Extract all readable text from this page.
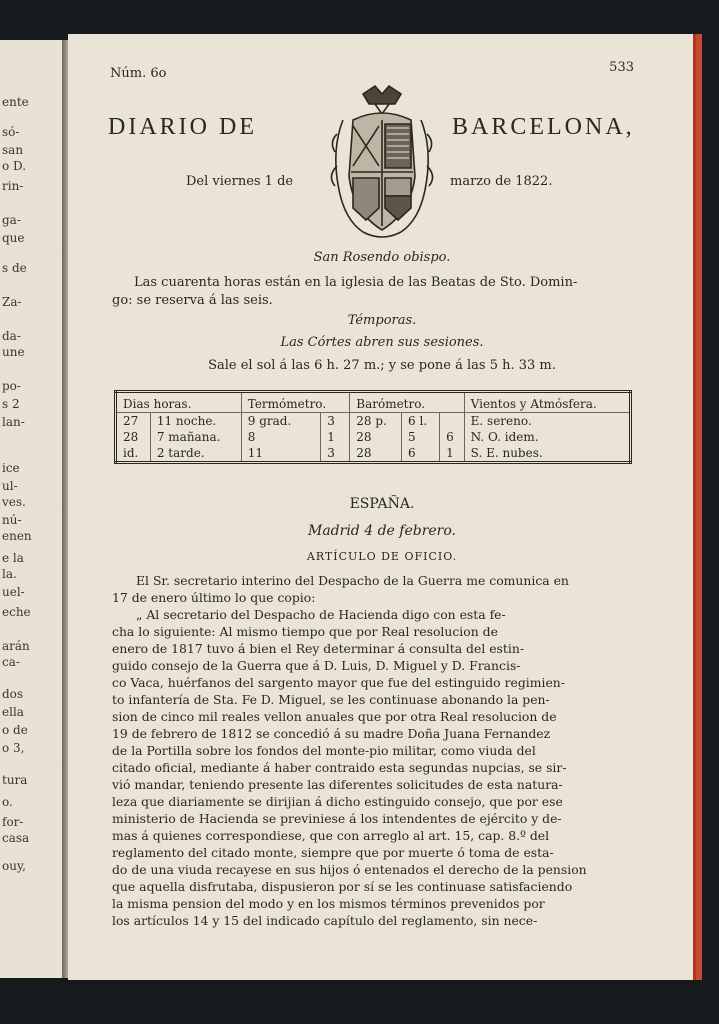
ente
só-
san
o D.
rin-
ga-
que
s de
Za-
da-
une
po-
s 2
lan-
ice
ul-
ves.
nú-
enen
e la
la.
uel-
eche
arán
ca-
dos
ella
o de
o 3,
tura
o.
for-
casa
ouy,
Núm. 6o	533
DIARIO DE	BARCELONA,
Del viernes 1 de	marzo de 1822.
San Rosendo obispo.
Las cuarenta horas están en la iglesia de las Beatas de Sto. Domin-
go: se reserva á las seis.
Témporas.
Las Córtes abren sus sesiones.
Sale el sol á las 6 h. 27 m.; y se pone á las 5 h. 33 m.
Dias horas.		Termómetro.		Barómetro.			Vientos y Atmósfera.
27	11 noche.	9 grad.	3	28 p.	6 l.		E. sereno.
28	7 mañana.	8	1	28	5	6	N. O. idem.
id.	2 tarde.	11	3	28	6	1	S. E. nubes.
ESPAÑA.
Madrid 4 de febrero.
ARTÍCULO DE OFICIO.
El Sr. secretario interino del Despacho de la Guerra me comunica en
17 de enero último lo que copio:
„ Al secretario del Despacho de Hacienda digo con esta fe-
cha lo siguiente: Al mismo tiempo que por Real resolucion de
enero de 1817 tuvo á bien el Rey determinar á consulta del estin-
guido consejo de la Guerra que á D. Luis, D. Miguel y D. Francis-
co Vaca, huérfanos del sargento mayor que fue del estinguido regimien-
to infantería de Sta. Fe D. Miguel, se les continuase abonando la pen-
sion de cinco mil reales vellon anuales que por otra Real resolucion de
19 de febrero de 1812 se concedió á su madre Doña Juana Fernandez
de la Portilla sobre los fondos del monte-pio militar, como viuda del
citado oficial, mediante á haber contraido esta segundas nupcias, se sir-
vió mandar, teniendo presente las diferentes solicitudes de esta natura-
leza que diariamente se dirijian á dicho estinguido consejo, que por ese
ministerio de Hacienda se previniese á los intendentes de ejército y de-
mas á quienes correspondiese, que con arreglo al art. 15, cap. 8.º del
reglamento del citado monte, siempre que por muerte ó toma de esta-
do de una viuda recayese en sus hijos ó entenados el derecho de la pension
que aquella disfrutaba, dispusieron por sí se les continuase satisfaciendo
la misma pension del modo y en los mismos términos prevenidos por
los artículos 14 y 15 del indicado capítulo del reglamento, sin nece-
